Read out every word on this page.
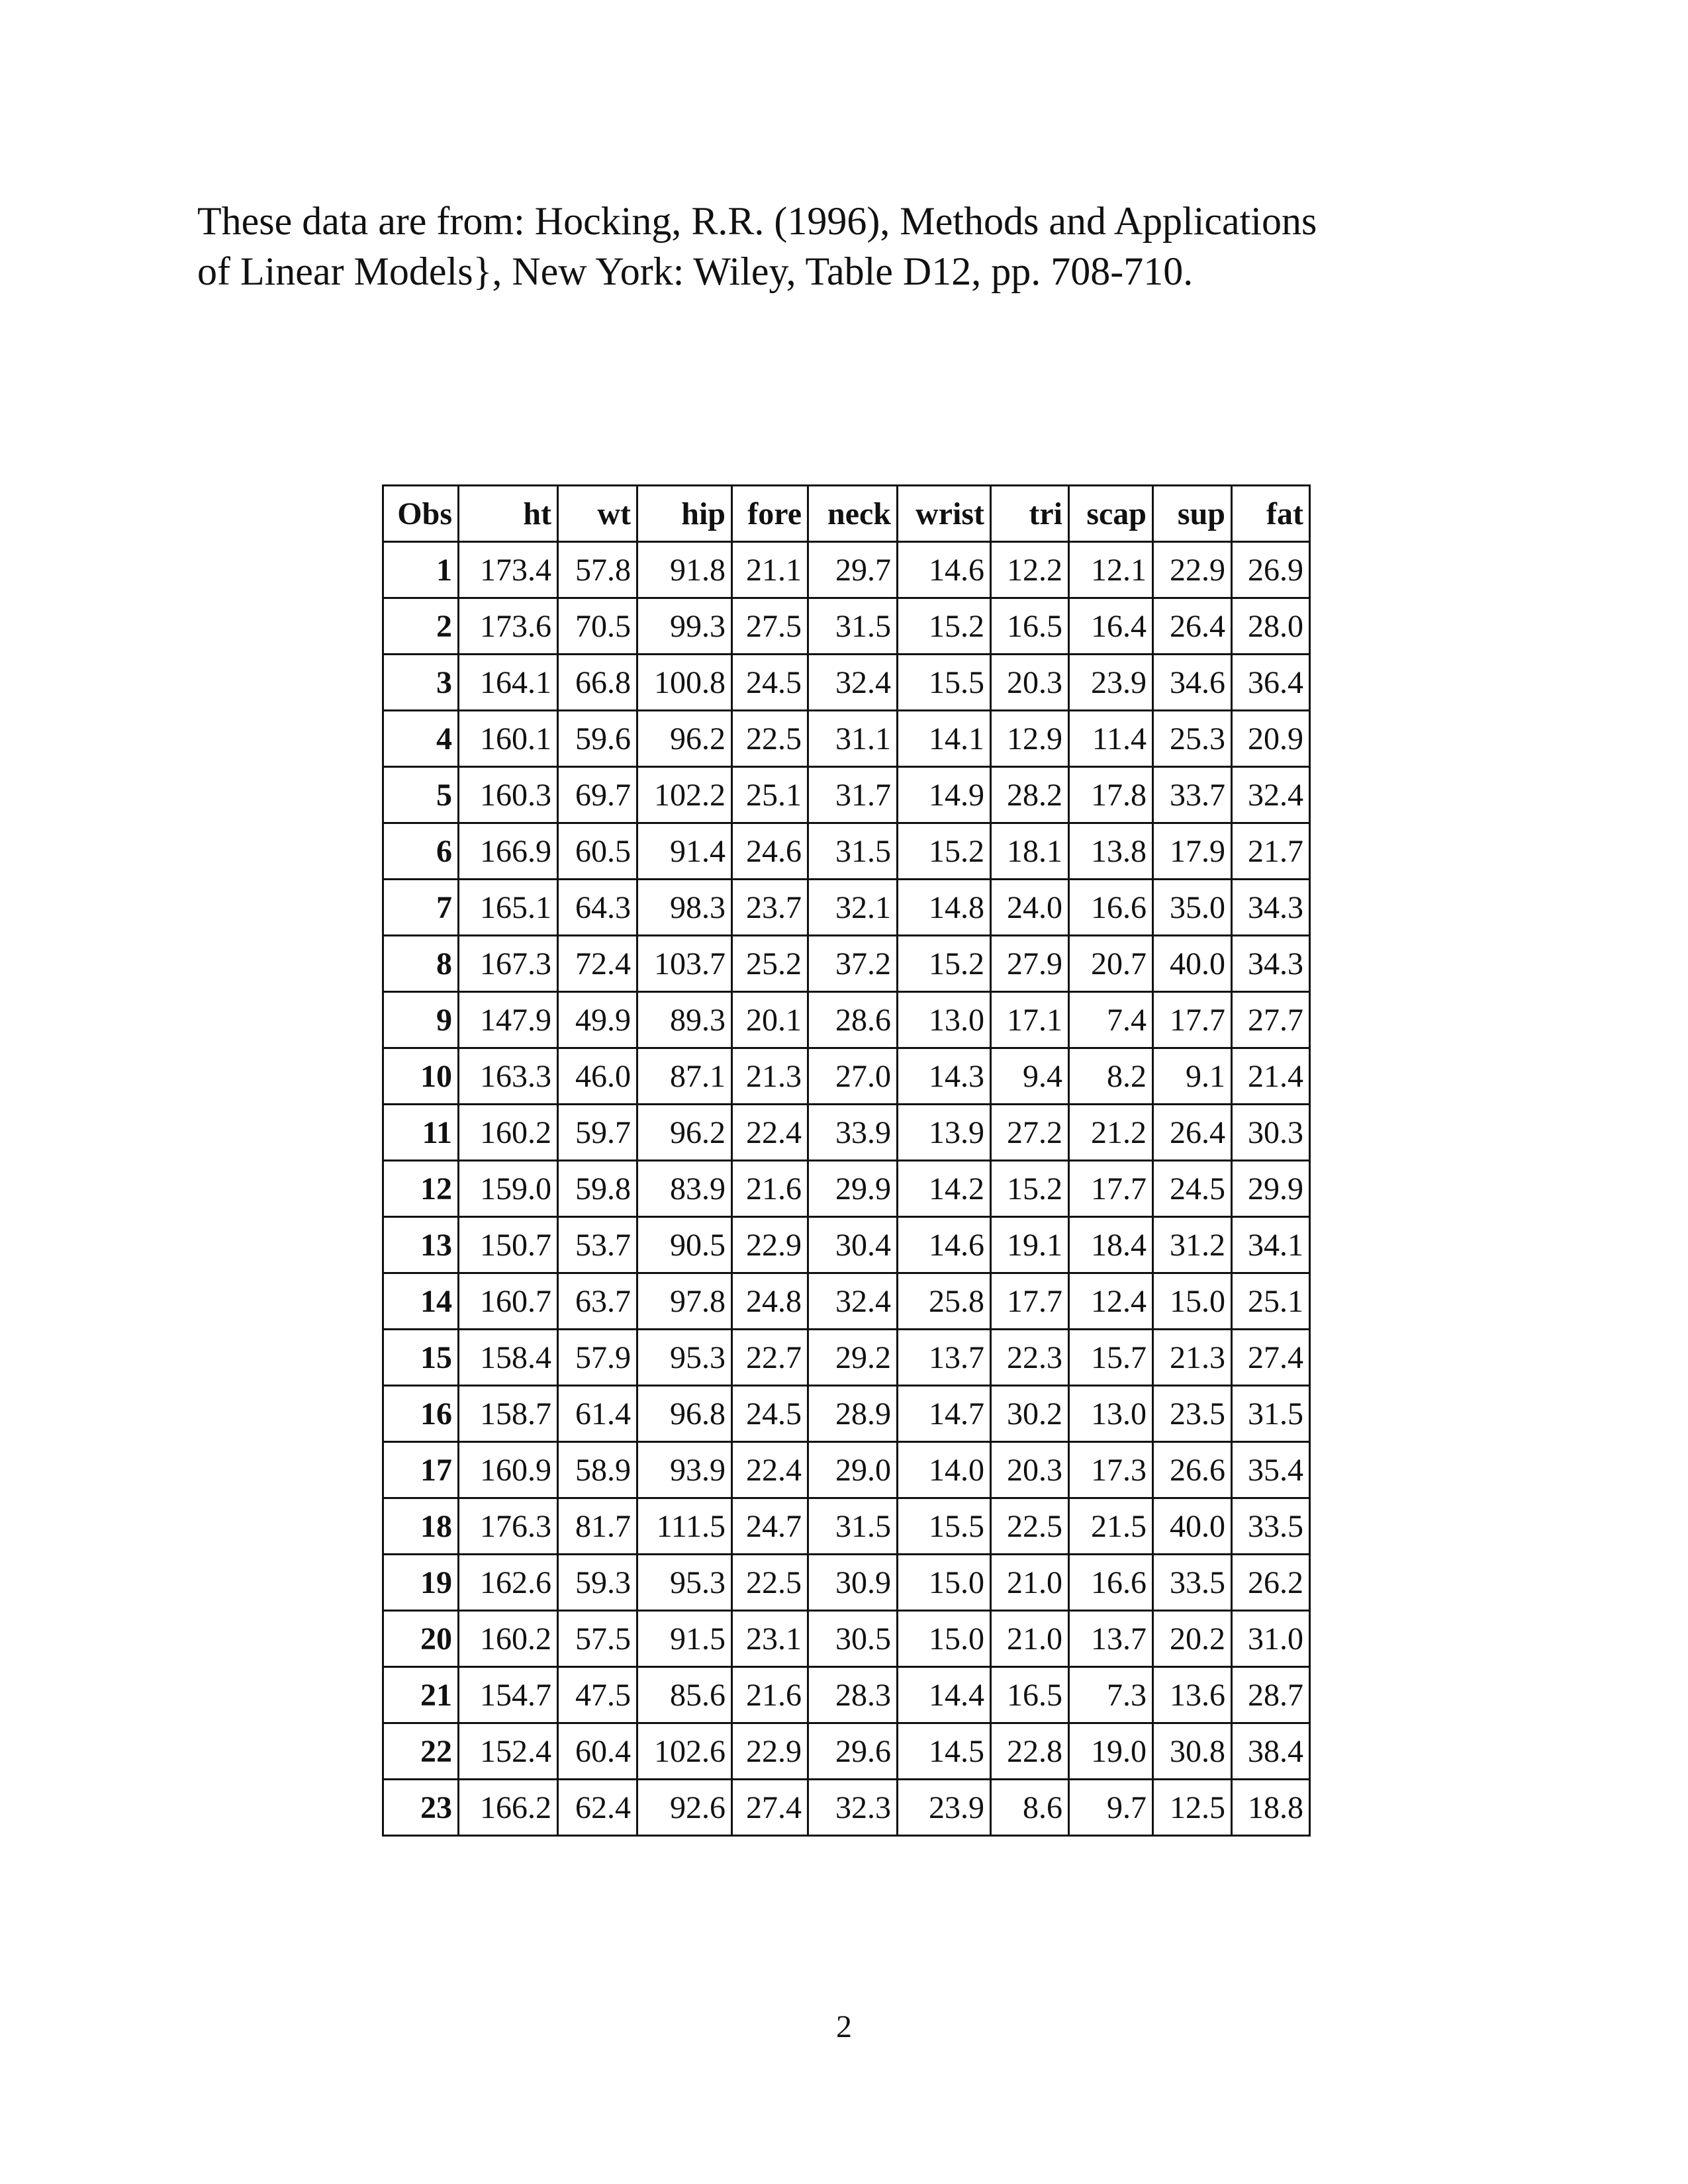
These data are from: Hocking, R.R. (1996), Methods and Applications
of Linear Models}, New York: Wiley, Table D12, pp. 708-710.
Obs	ht	wt	hip	fore	neck	wrist	tri	scap	sup	fat
1	173.4	57.8	91.8	21.1	29.7	14.6	12.2	12.1	22.9	26.9
2	173.6	70.5	99.3	27.5	31.5	15.2	16.5	16.4	26.4	28.0
3	164.1	66.8	100.8	24.5	32.4	15.5	20.3	23.9	34.6	36.4
4	160.1	59.6	96.2	22.5	31.1	14.1	12.9	11.4	25.3	20.9
5	160.3	69.7	102.2	25.1	31.7	14.9	28.2	17.8	33.7	32.4
6	166.9	60.5	91.4	24.6	31.5	15.2	18.1	13.8	17.9	21.7
7	165.1	64.3	98.3	23.7	32.1	14.8	24.0	16.6	35.0	34.3
8	167.3	72.4	103.7	25.2	37.2	15.2	27.9	20.7	40.0	34.3
9	147.9	49.9	89.3	20.1	28.6	13.0	17.1	7.4	17.7	27.7
10	163.3	46.0	87.1	21.3	27.0	14.3	9.4	8.2	9.1	21.4
11	160.2	59.7	96.2	22.4	33.9	13.9	27.2	21.2	26.4	30.3
12	159.0	59.8	83.9	21.6	29.9	14.2	15.2	17.7	24.5	29.9
13	150.7	53.7	90.5	22.9	30.4	14.6	19.1	18.4	31.2	34.1
14	160.7	63.7	97.8	24.8	32.4	25.8	17.7	12.4	15.0	25.1
15	158.4	57.9	95.3	22.7	29.2	13.7	22.3	15.7	21.3	27.4
16	158.7	61.4	96.8	24.5	28.9	14.7	30.2	13.0	23.5	31.5
17	160.9	58.9	93.9	22.4	29.0	14.0	20.3	17.3	26.6	35.4
18	176.3	81.7	111.5	24.7	31.5	15.5	22.5	21.5	40.0	33.5
19	162.6	59.3	95.3	22.5	30.9	15.0	21.0	16.6	33.5	26.2
20	160.2	57.5	91.5	23.1	30.5	15.0	21.0	13.7	20.2	31.0
21	154.7	47.5	85.6	21.6	28.3	14.4	16.5	7.3	13.6	28.7
22	152.4	60.4	102.6	22.9	29.6	14.5	22.8	19.0	30.8	38.4
23	166.2	62.4	92.6	27.4	32.3	23.9	8.6	9.7	12.5	18.8
2
